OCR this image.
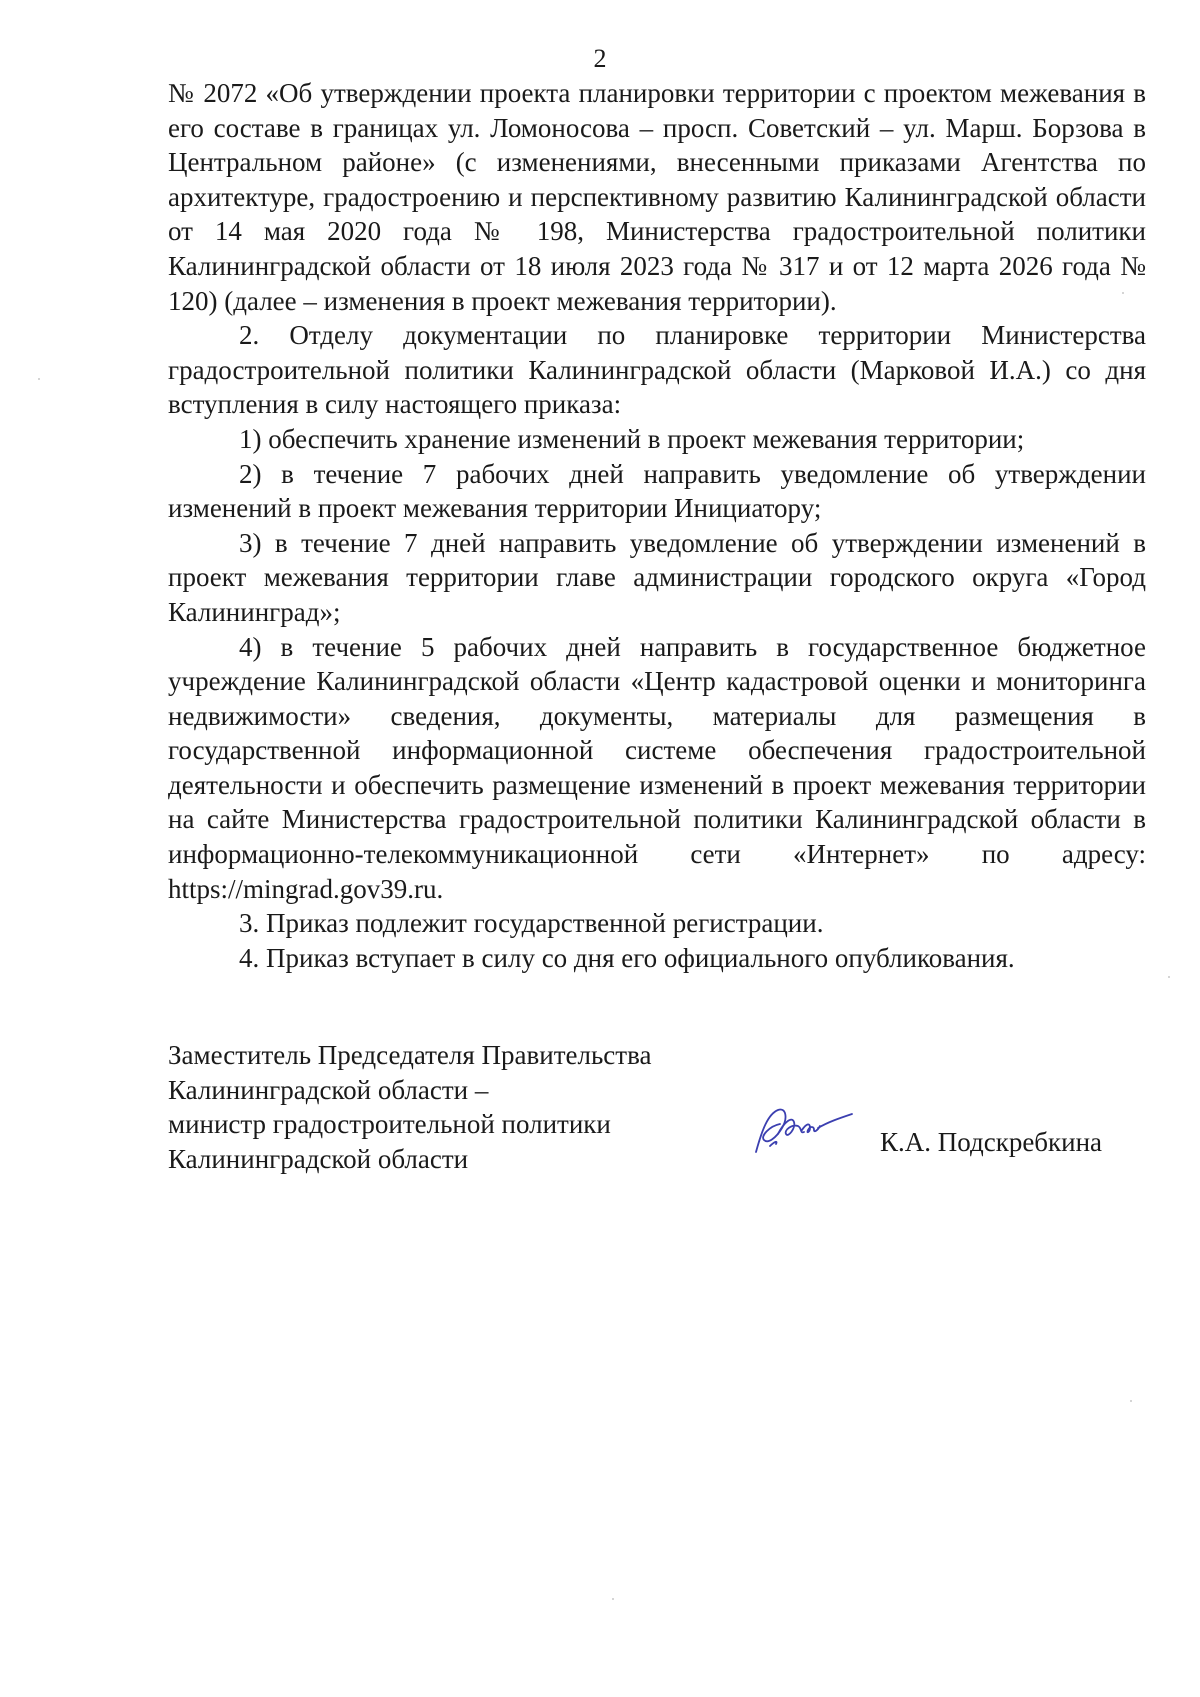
2

№ 2072 «Об утверждении проекта планировки территории с проектом межевания в его составе в границах ул. Ломоносова – просп. Советский – ул. Марш. Борзова в Центральном районе» (с изменениями, внесенными приказами Агентства по архитектуре, градостроению и перспективному развитию Калининградской области от 14 мая 2020 года № 198, Министерства градостроительной политики Калининградской области от 18 июля 2023 года № 317 и от 12 марта 2026 года № 120) (далее – изменения в проект межевания территории).

2. Отделу документации по планировке территории Министерства градостроительной политики Калининградской области (Марковой И.А.) со дня вступления в силу настоящего приказа:

1) обеспечить хранение изменений в проект межевания территории;

2) в течение 7 рабочих дней направить уведомление об утверждении изменений в проект межевания территории Инициатору;

3) в течение 7 дней направить уведомление об утверждении изменений в проект межевания территории главе администрации городского округа «Город Калининград»;

4) в течение 5 рабочих дней направить в государственное бюджетное учреждение Калининградской области «Центр кадастровой оценки и мониторинга недвижимости» сведения, документы, материалы для размещения в государственной информационной системе обеспечения градостроительной деятельности и обеспечить размещение изменений в проект межевания территории на сайте Министерства градостроительной политики Калининградской области в информационно-телекоммуникационной сети «Интернет» по адресу: https://mingrad.gov39.ru.

3. Приказ подлежит государственной регистрации.

4. Приказ вступает в силу со дня его официального опубликования.

Заместитель Председателя Правительства
Калининградской области –
министр градостроительной политики
Калининградской области
К.А. Подскребкина
